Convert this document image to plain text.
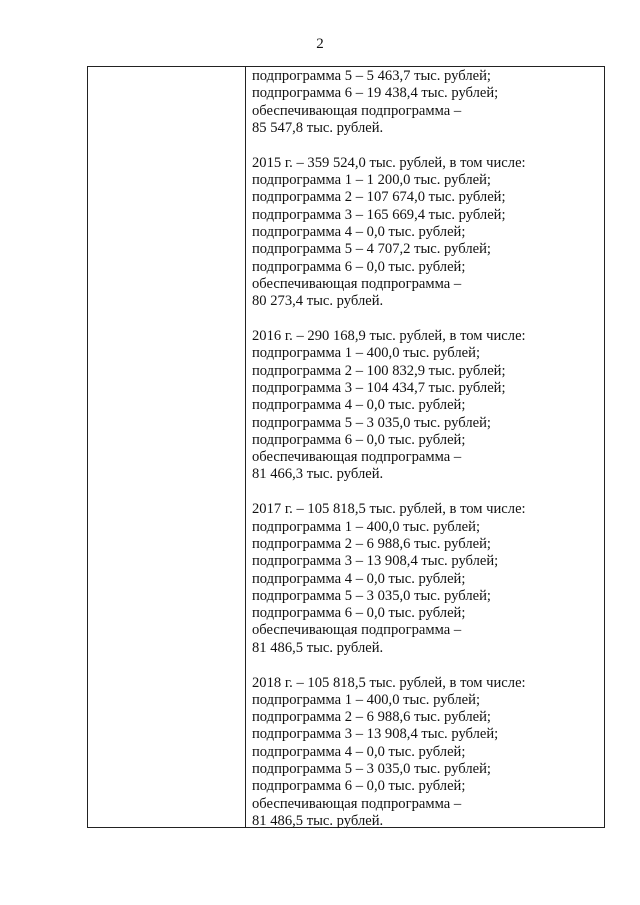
2
подпрограмма 5 – 5 463,7 тыс. рублей;
подпрограмма 6 – 19 438,4 тыс. рублей;
обеспечивающая подпрограмма –
85 547,8 тыс. рублей.
2015 г. – 359 524,0 тыс. рублей, в том числе:
подпрограмма 1 – 1 200,0 тыс. рублей;
подпрограмма 2 – 107 674,0 тыс. рублей;
подпрограмма 3 – 165 669,4 тыс. рублей;
подпрограмма 4 – 0,0 тыс. рублей;
подпрограмма 5 – 4 707,2 тыс. рублей;
подпрограмма 6 – 0,0 тыс. рублей;
обеспечивающая подпрограмма –
80 273,4 тыс. рублей.
2016 г. – 290 168,9 тыс. рублей, в том числе:
подпрограмма 1 – 400,0 тыс. рублей;
подпрограмма 2 – 100 832,9 тыс. рублей;
подпрограмма 3 – 104 434,7 тыс. рублей;
подпрограмма 4 – 0,0 тыс. рублей;
подпрограмма 5 – 3 035,0 тыс. рублей;
подпрограмма 6 – 0,0 тыс. рублей;
обеспечивающая подпрограмма –
81 466,3 тыс. рублей.
2017 г. – 105 818,5 тыс. рублей, в том числе:
подпрограмма 1 – 400,0 тыс. рублей;
подпрограмма 2 – 6 988,6 тыс. рублей;
подпрограмма 3 – 13 908,4 тыс. рублей;
подпрограмма 4 – 0,0 тыс. рублей;
подпрограмма 5 – 3 035,0 тыс. рублей;
подпрограмма 6 – 0,0 тыс. рублей;
обеспечивающая подпрограмма –
81 486,5 тыс. рублей.
2018 г. – 105 818,5 тыс. рублей, в том числе:
подпрограмма 1 – 400,0 тыс. рублей;
подпрограмма 2 – 6 988,6 тыс. рублей;
подпрограмма 3 – 13 908,4 тыс. рублей;
подпрограмма 4 – 0,0 тыс. рублей;
подпрограмма 5 – 3 035,0 тыс. рублей;
подпрограмма 6 – 0,0 тыс. рублей;
обеспечивающая подпрограмма –
81 486,5 тыс. рублей.
